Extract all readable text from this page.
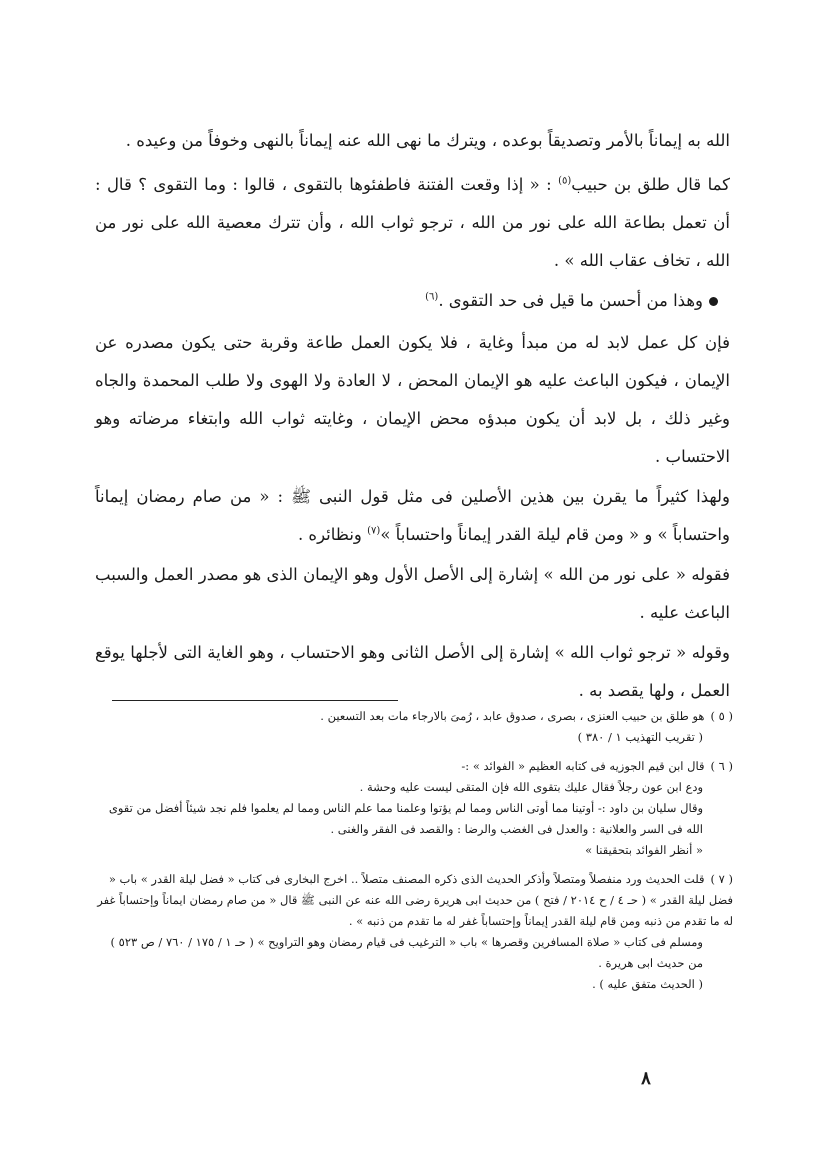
الله به إيماناً بالأمر وتصديقاً بوعده ، ويترك ما نهى الله عنه إيماناً بالنهى وخوفاً من وعيده .

كما قال طلق بن حبيب$^{(٥)}$ : « إذا وقعت الفتنة فاطفئوها بالتقوى ، قالوا : وما التقوى ؟ قال : أن تعمل بطاعة الله على نور من الله ، ترجو ثواب الله ، وأن تترك معصية الله على نور من الله ، تخاف عقاب الله » .

وهذا من أحسن ما قيل فى حد التقوى .$^{(٦)}$

فإن كل عمل لابد له من مبدأ وغاية ، فلا يكون العمل طاعة وقربة حتى يكون مصدره عن الإيمان ، فيكون الباعث عليه هو الإيمان المحض ، لا العادة ولا الهوى ولا طلب المحمدة والجاه وغير ذلك ، بل لابد أن يكون مبدؤه محض الإيمان ، وغايته ثواب الله وابتغاء مرضاته وهو الاحتساب .

ولهذا كثيراً ما يقرن بين هذين الأصلين فى مثل قول النبى ﷺ : « من صام رمضان إيماناً واحتساباً » و « ومن قام ليلة القدر إيماناً واحتساباً »$^{(٧)}$ ونظائره .

فقوله « على نور من الله » إشارة إلى الأصل الأول وهو الإيمان الذى هو مصدر العمل والسبب الباعث عليه .

وقوله « ترجو ثواب الله » إشارة إلى الأصل الثانى وهو الاحتساب ، وهو الغاية التى لأجلها يوقع العمل ، ولها يقصد به .

( ٥ )هو طلق بن حبيب العنزى ، بصرى ، صدوق عابد ، رُمىَ بالارجاء مات بعد التسعين .
( تقريب التهذيب ١ / ٣٨٠ )
( ٦ )قال ابن قيم الجوزيه فى كتابه العظيم « الفوائد » :-
ودع ابن عون رجلاً فقال عليك بتقوى الله فإن المتقى ليست عليه وحشة .
وقال سليان بن داود :- أوتينا مما أوتى الناس ومما لم يؤتوا وعلمنا مما علم الناس ومما لم يعلموا فلم نجد شيئاً أفضل من تقوى الله فى السر والعلانية : والعدل فى الغضب والرضا : والقصد فى الفقر والغنى .
« أنظر الفوائد بتحقيقنا »
( ٧ )قلت الحديث ورد منفصلاً ومتصلاً وأذكر الحديث الذى ذكره المصنف متصلاً .. اخرج البخارى فى كتاب « فضل ليلة القدر » باب « فضل ليلة القدر » ( حـ ٤ / ح ٢٠١٤ / فتح ) من حديث ابى هريرة رضى الله عنه عن النبى ﷺ قال « من صام رمضان ايماناً وإحتساباً غفر له ما تقدم من ذنبه ومن قام ليلة القدر إيماناً وإحتساباً غفر له ما تقدم من ذنبه » .
ومسلم فى كتاب « صلاة المسافرين وقصرها » باب « الترغيب فى قيام رمضان وهو التراويح » ( حـ ١ / ١٧٥ / ٧٦٠ / ص ٥٢٣ ) من حديث ابى هريرة .
( الحديث متفق عليه ) .
٨
